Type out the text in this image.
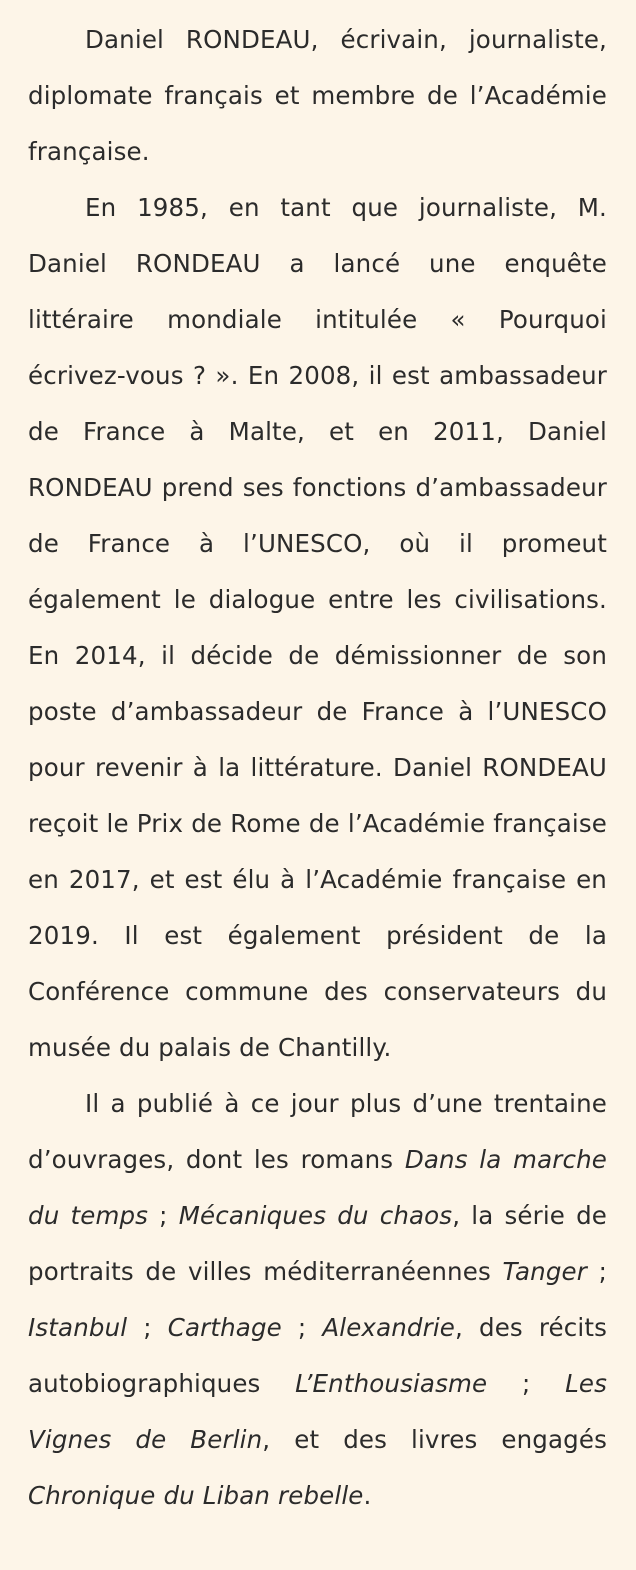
Daniel RONDEAU, écrivain, journaliste, diplomate français et membre de l’Académie française.

En 1985, en tant que journaliste, M. Daniel RONDEAU a lancé une enquête littéraire mondiale intitulée « Pourquoi écrivez-vous ? ». En 2008, il est ambassadeur de France à Malte, et en 2011, Daniel RONDEAU prend ses fonctions d’ambassadeur de France à l’UNESCO, où il promeut également le dialogue entre les civilisations. En 2014, il décide de démissionner de son poste d’ambassadeur de France à l’UNESCO pour revenir à la littérature. Daniel RONDEAU reçoit le Prix de Rome de l’Académie française en 2017, et est élu à l’Académie française en 2019. Il est également président de la Conférence commune des conservateurs du musée du palais de Chantilly.

Il a publié à ce jour plus d’une trentaine d’ouvrages, dont les romans Dans la marche du temps ; Mécaniques du chaos, la série de portraits de villes méditerranéennes Tanger ; Istanbul ; Carthage ; Alexandrie, des récits autobiographiques L’Enthousiasme ; Les Vignes de Berlin, et des livres engagés Chronique du Liban rebelle.
